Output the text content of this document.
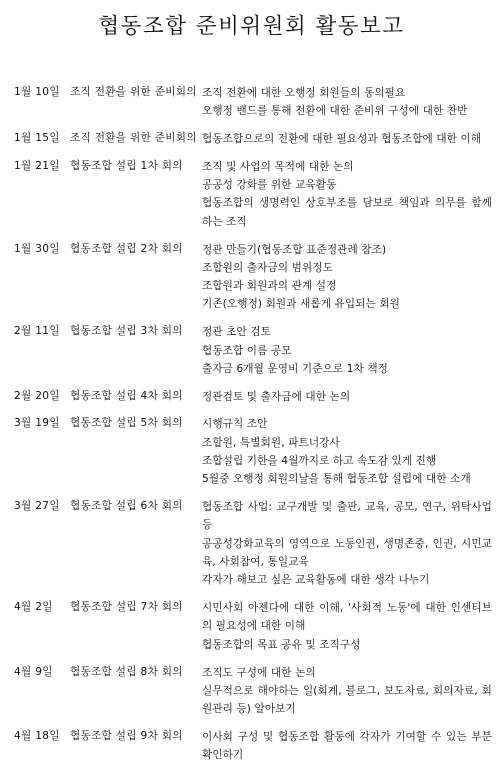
협동조합 준비위원회 활동보고
1월 10일 조직 전환을 위한 준비회의 조직 전환에 대한 오행정 회원들의 동의필요
오행정 밴드를 통해 전환에 대한 준비위 구성에 대한 찬반
1월 15일 조직 전환을 위한 준비회의 협동조합으로의 전환에 대한 필요성과 협동조합에 대한 이해
1월 21일 협동조합 설립 1차 회의 조직 및 사업의 목적에 대한 논의
공공성 강화를 위한 교육활동
협동조합의 생명력인 상호부조를 담보로 책임과 의무를 함께 하는 조직
1월 30일 협동조합 설립 2차 회의 정관 만들기(협동조합 표준정관례 참조)
조합원의 출자금의 범위정도
조합원과 회원과의 관계 설정
기존(오행정) 회원과 새롭게 유입되는 회원
2월 11일 협동조합 설립 3차 회의 정관 초안 검토
협동조합 이름 공모
출자금 6개월 운영비 기준으로 1차 책정
2월 20일 협동조합 설립 4차 회의 정관검토 및 출자금에 대한 논의
3월 19일 협동조합 설립 5차 회의 시행규칙 조안
조합원, 특별회원, 파트너강사
조합설립 기한을 4월까지로 하고 속도감 있게 진행
5월중 오행정 회원의날을 통해 협동조합 설립에 대한 소개
3월 27일 협동조합 설립 6차 회의 협동조합 사업: 교구개발 및 출판, 교육, 공모, 연구, 위탁사업 등
공공성강화교육의 영역으로 노동인권, 생명존중, 인권, 시민교육, 사회참여, 통일교육
각자가 해보고 싶은 교육활동에 대한 생각 나누기
4월 2일 협동조합 설립 7차 회의 시민사회 아젠다에 대한 이해, '사회적 노동'에 대한 인센티브의 필요성에 대한 이해
협동조합의 목표 공유 및 조직구성
4월 9일 협동조합 설립 8차 회의 조직도 구성에 대한 논의
실무적으로 해야하는 일(회계, 블로그, 보도자료, 회의자료, 회원관리 등) 알아보기
4월 18일 협동조합 설립 9차 회의 이사회 구성 및 협동조합 활동에 각자가 기여할 수 있는 부분 확인하기
